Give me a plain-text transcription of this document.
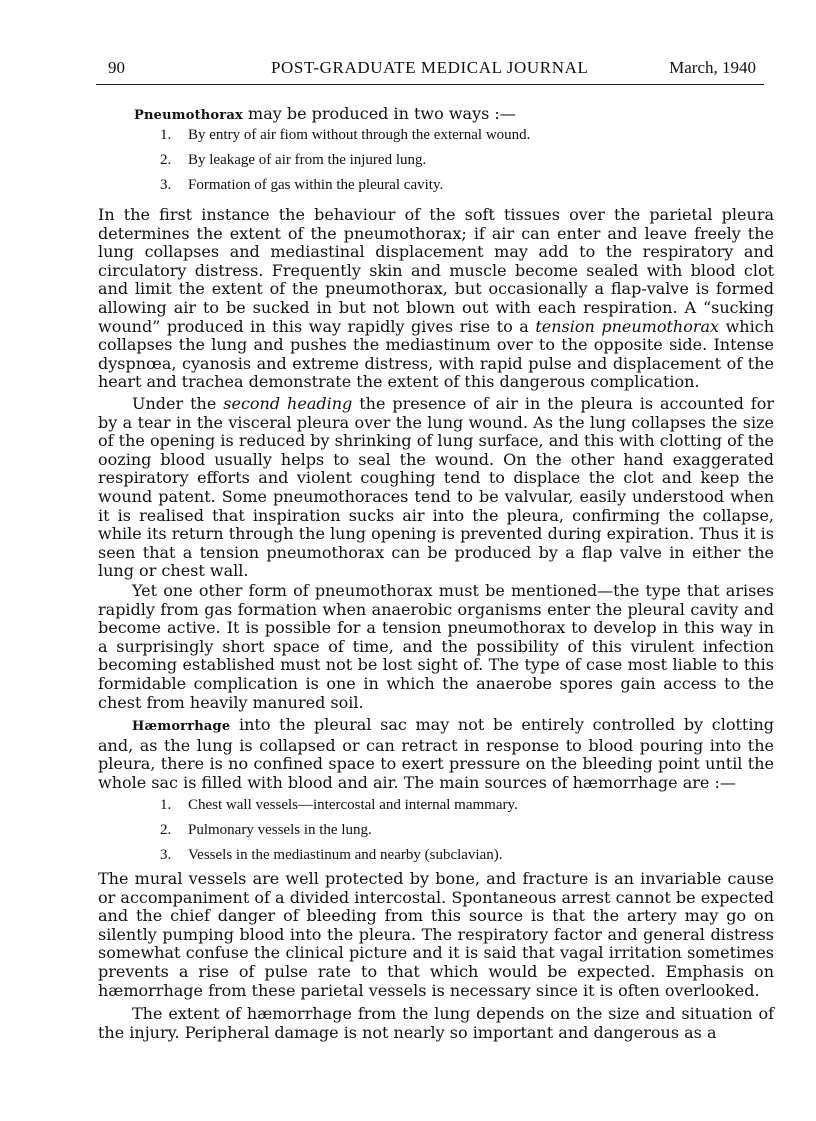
90	POST-GRADUATE MEDICAL JOURNAL	March, 1940
Pneumothorax may be produced in two ways :—
1. By entry of air fiom without through the external wound.
2. By leakage of air from the injured lung.
3. Formation of gas within the pleural cavity.

In the first instance the behaviour of the soft tissues over the parietal pleura determines the extent of the pneumothorax; if air can enter and leave freely the lung collapses and mediastinal displacement may add to the respiratory and circulatory distress. Frequently skin and muscle become sealed with blood clot and limit the extent of the pneumothorax, but occasionally a flap-valve is formed allowing air to be sucked in but not blown out with each respiration. A “sucking wound” produced in this way rapidly gives rise to a tension pneumothorax which collapses the lung and pushes the mediastinum over to the opposite side. Intense dyspnœa, cyanosis and extreme distress, with rapid pulse and displacement of the heart and trachea demonstrate the extent of this dangerous complication.

Under the second heading the presence of air in the pleura is accounted for by a tear in the visceral pleura over the lung wound. As the lung collapses the size of the opening is reduced by shrinking of lung surface, and this with clotting of the oozing blood usually helps to seal the wound. On the other hand exaggerated respiratory efforts and violent coughing tend to displace the clot and keep the wound patent. Some pneumothoraces tend to be valvular, easily understood when it is realised that inspiration sucks air into the pleura, confirming the collapse, while its return through the lung opening is prevented during expiration. Thus it is seen that a tension pneumothorax can be produced by a flap valve in either the lung or chest wall.

Yet one other form of pneumothorax must be mentioned—the type that arises rapidly from gas formation when anaerobic organisms enter the pleural cavity and become active. It is possible for a tension pneumothorax to develop in this way in a surprisingly short space of time, and the possibility of this virulent infection becoming established must not be lost sight of. The type of case most liable to this formidable complication is one in which the anaerobe spores gain access to the chest from heavily manured soil.

Hæmorrhage into the pleural sac may not be entirely controlled by clotting and, as the lung is collapsed or can retract in response to blood pouring into the pleura, there is no confined space to exert pressure on the bleeding point until the whole sac is filled with blood and air. The main sources of hæmorrhage are :—

1. Chest wall vessels—intercostal and internal mammary.
2. Pulmonary vessels in the lung.
3. Vessels in the mediastinum and nearby (subclavian).

The mural vessels are well protected by bone, and fracture is an invariable cause or accompaniment of a divided intercostal. Spontaneous arrest cannot be expected and the chief danger of bleeding from this source is that the artery may go on silently pumping blood into the pleura. The respiratory factor and general distress somewhat confuse the clinical picture and it is said that vagal irritation sometimes prevents a rise of pulse rate to that which would be expected. Emphasis on hæmorrhage from these parietal vessels is necessary since it is often overlooked.

The extent of hæmorrhage from the lung depends on the size and situation of the injury. Peripheral damage is not nearly so important and dangerous as a
